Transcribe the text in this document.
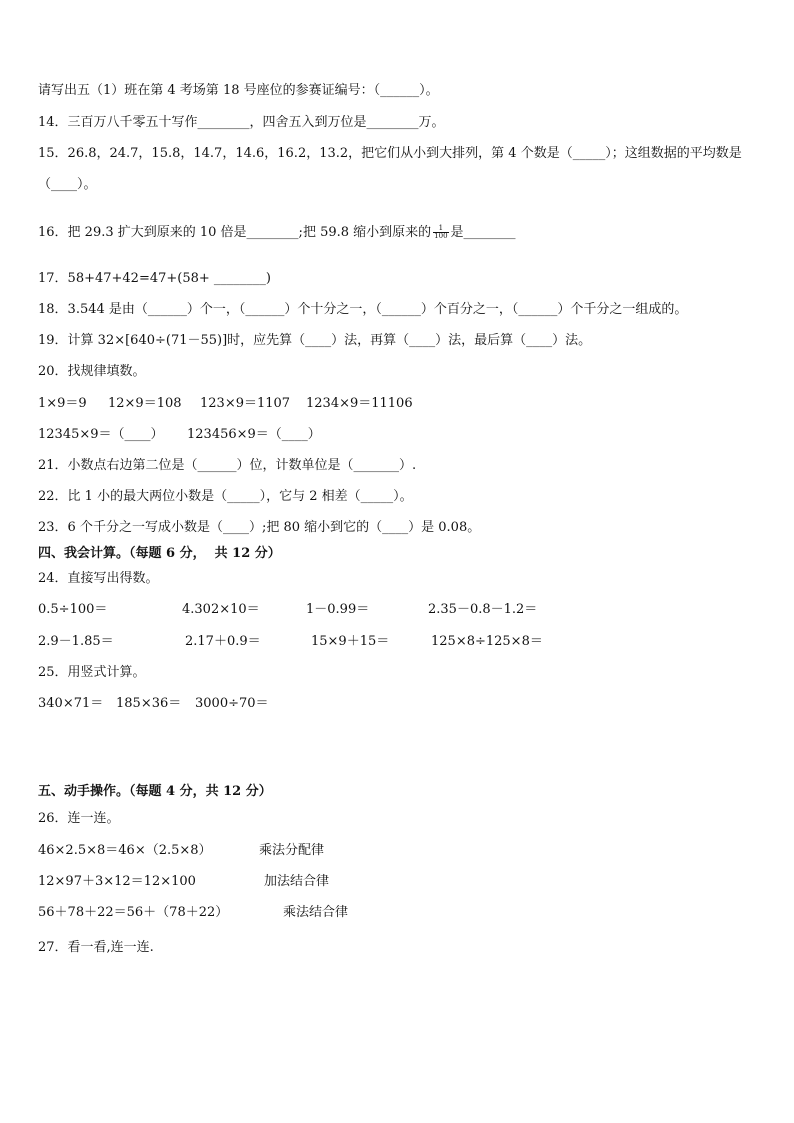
请写出五（1）班在第 4 考场第 18 号座位的参赛证编号：（______）。
14．三百万八千零五十写作________，四舍五入到万位是________万。
15．26.8，24.7，15.8，14.7，14.6，16.2，13.2，把它们从小到大排列，第 4 个数是（_____）；这组数据的平均数是
（____）。
16．把 29.3 扩大到原来的 10 倍是________;把 59.8 缩小到原来的 $\frac{1}{100}$ 是________
17．58+47+42=47+(58+ ________)
18．3.544 是由（______）个一，（______）个十分之一，（______）个百分之一，（______）个千分之一组成的。
19．计算 32×[640÷(71－55)]时，应先算（____）法，再算（____）法，最后算（____）法。
20．找规律填数。
1×9＝9 12×9＝108 123×9＝1107 1234×9＝11106
12345×9＝（____） 123456×9＝（____）
21．小数点右边第二位是（______）位，计数单位是（_______）.
22．比 1 小的最大两位小数是（_____），它与 2 相差（_____）。
23．6 个千分之一写成小数是（____）;把 80 缩小到它的（____）是 0.08。
四、我会计算。（每题 6 分，  共 12 分）
24．直接写出得数。
0.5÷100＝	4.302×10＝	1－0.99＝	2.35－0.8－1.2＝
2.9－1.85＝	2.17＋0.9＝	15×9＋15＝	125×8÷125×8＝
25．用竖式计算。
340×71＝ 185×36＝ 3000÷70＝
五、动手操作。（每题 4 分，共 12 分）
26．连一连。
46×2.5×8＝46×（2.5×8）	乘法分配律
12×97＋3×12＝12×100	加法结合律
56＋78＋22＝56＋（78＋22）	乘法结合律
27．看一看,连一连.
